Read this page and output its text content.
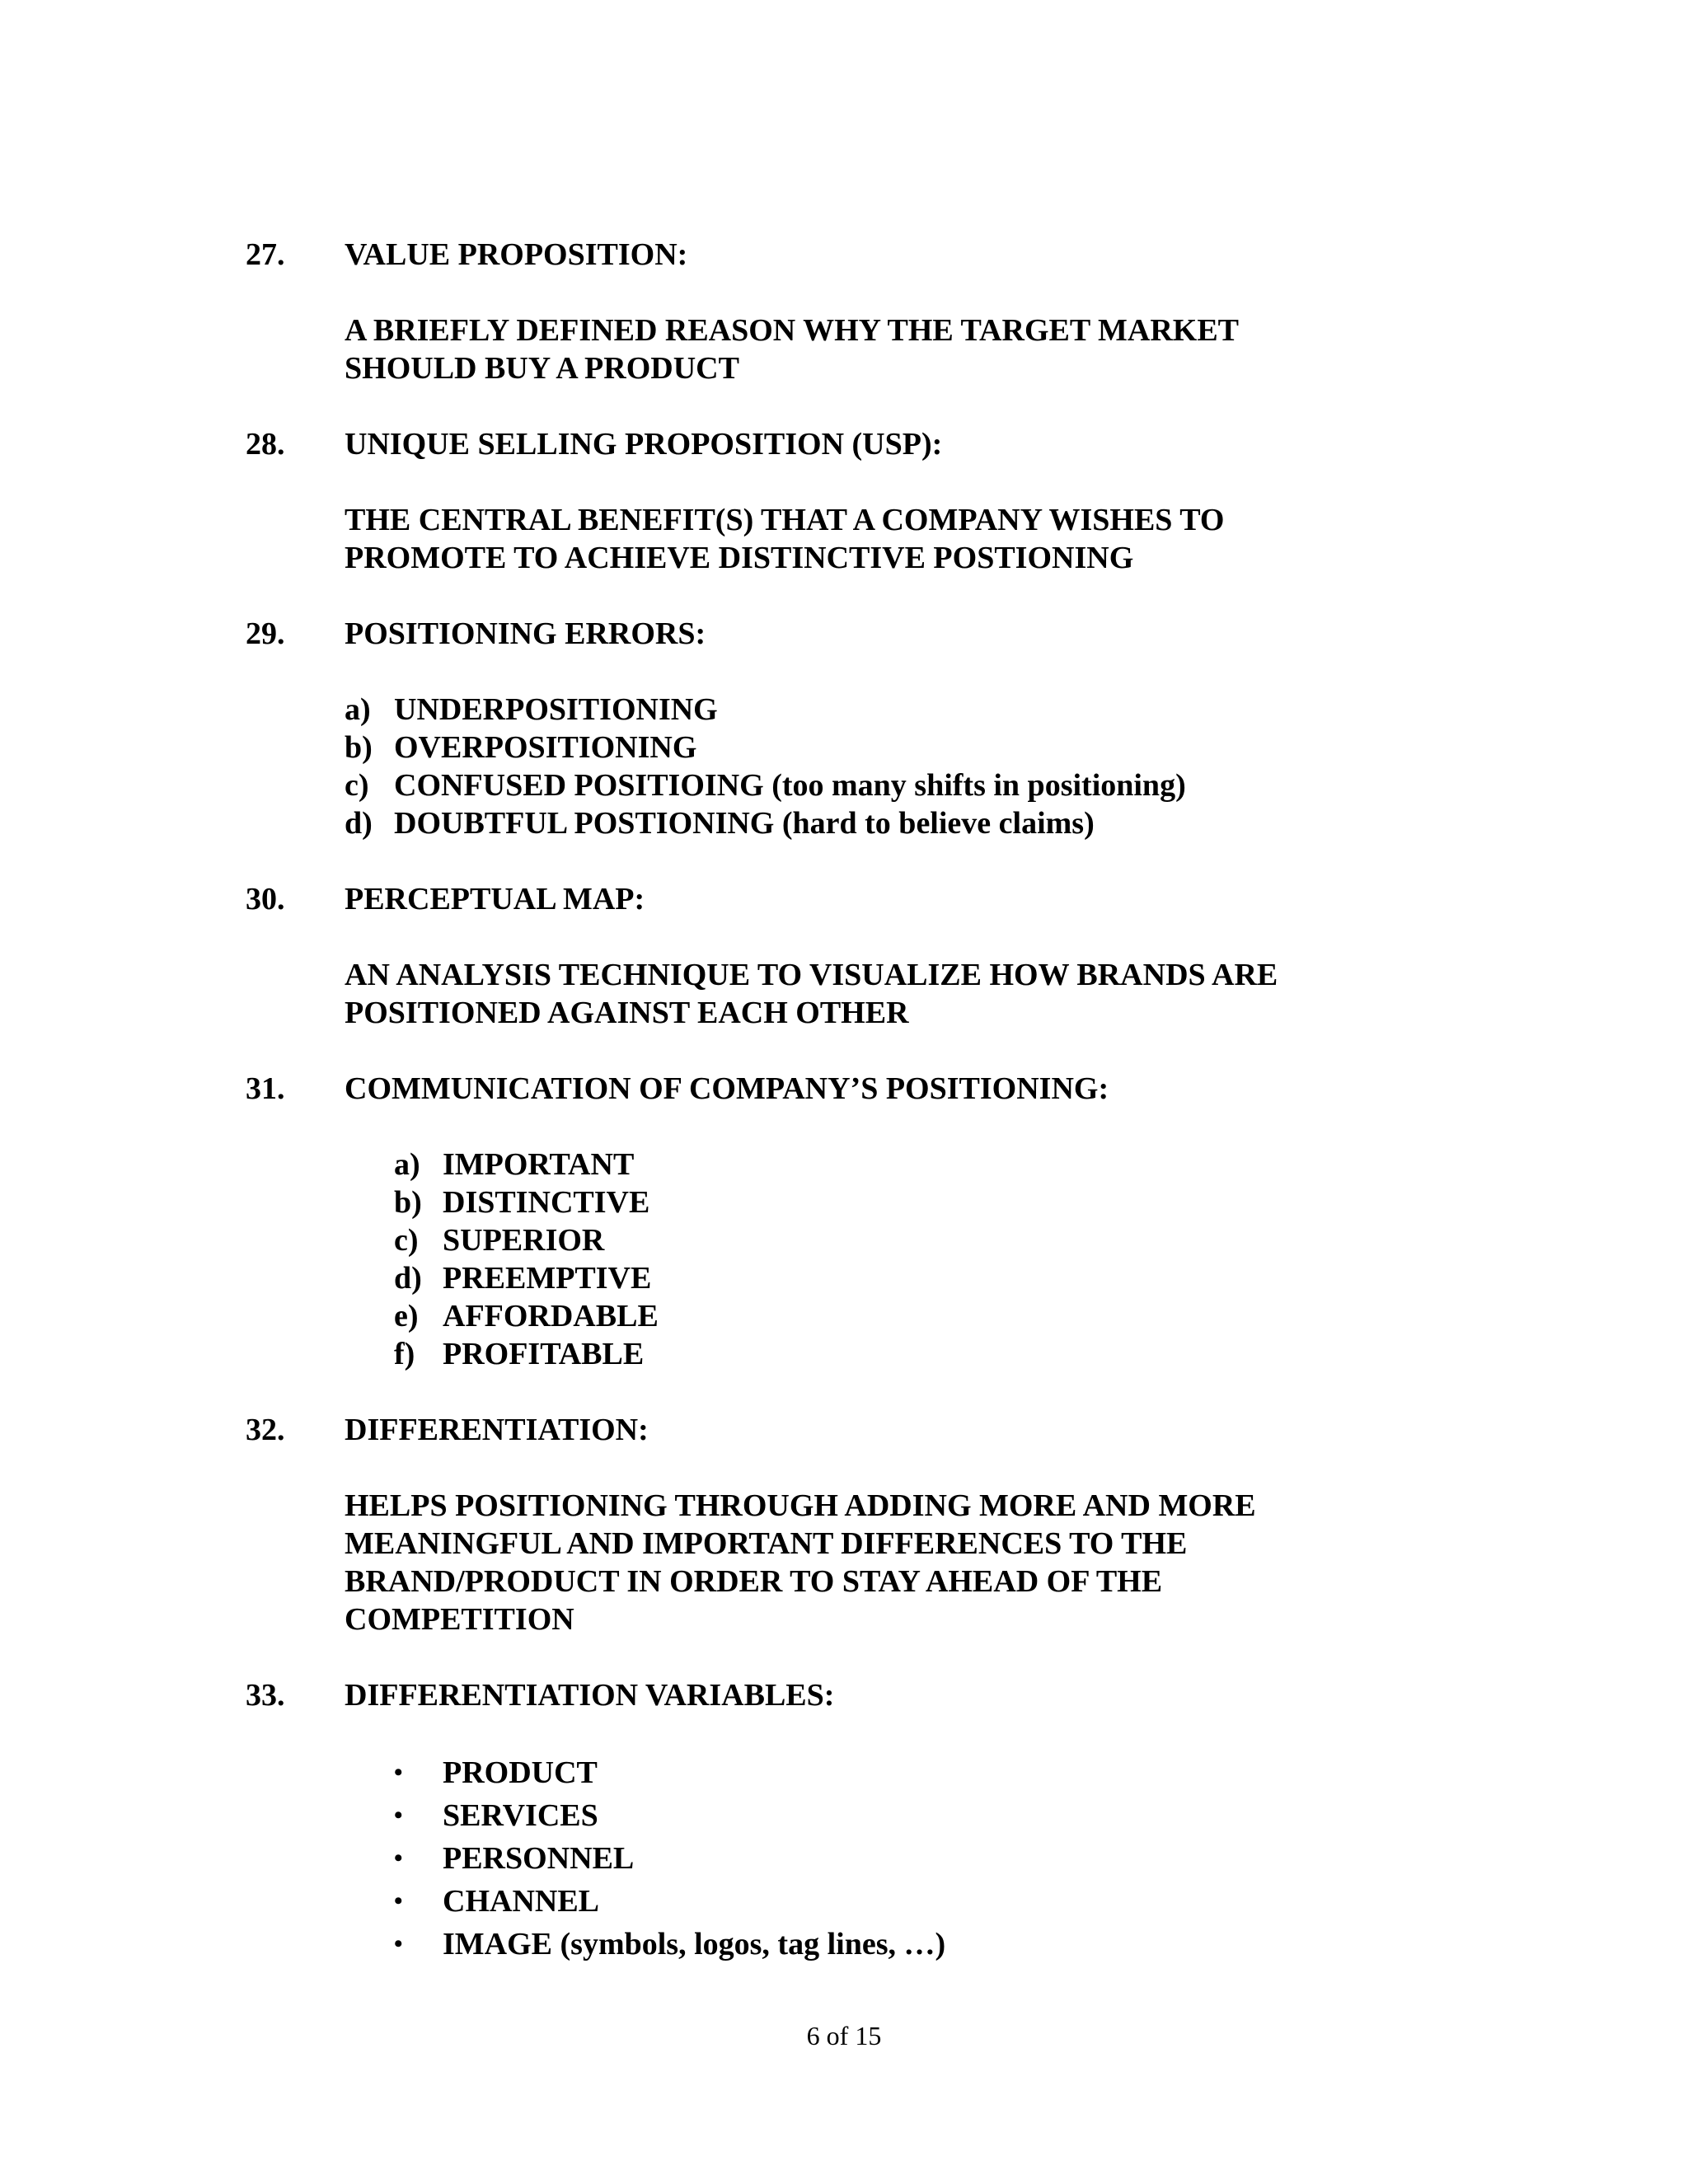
27. VALUE PROPOSITION:
A BRIEFLY DEFINED REASON WHY THE TARGET MARKET
SHOULD BUY A PRODUCT
28. UNIQUE SELLING PROPOSITION (USP):
THE CENTRAL BENEFIT(S) THAT A COMPANY WISHES TO
PROMOTE TO ACHIEVE DISTINCTIVE POSTIONING
29. POSITIONING ERRORS:
a) UNDERPOSITIONING
b) OVERPOSITIONING
c) CONFUSED POSITIOING (too many shifts in positioning)
d) DOUBTFUL POSTIONING (hard to believe claims)
30. PERCEPTUAL MAP:
AN ANALYSIS TECHNIQUE TO VISUALIZE HOW BRANDS ARE
POSITIONED AGAINST EACH OTHER
31. COMMUNICATION OF COMPANY’S POSITIONING:
a) IMPORTANT
b) DISTINCTIVE
c) SUPERIOR
d) PREEMPTIVE
e) AFFORDABLE
f) PROFITABLE
32. DIFFERENTIATION:
HELPS POSITIONING THROUGH ADDING MORE AND MORE
MEANINGFUL AND IMPORTANT DIFFERENCES TO THE
BRAND/PRODUCT IN ORDER TO STAY AHEAD OF THE
COMPETITION
33. DIFFERENTIATION VARIABLES:
• PRODUCT
• SERVICES
• PERSONNEL
• CHANNEL
• IMAGE (symbols, logos, tag lines, …)
6 of 15
